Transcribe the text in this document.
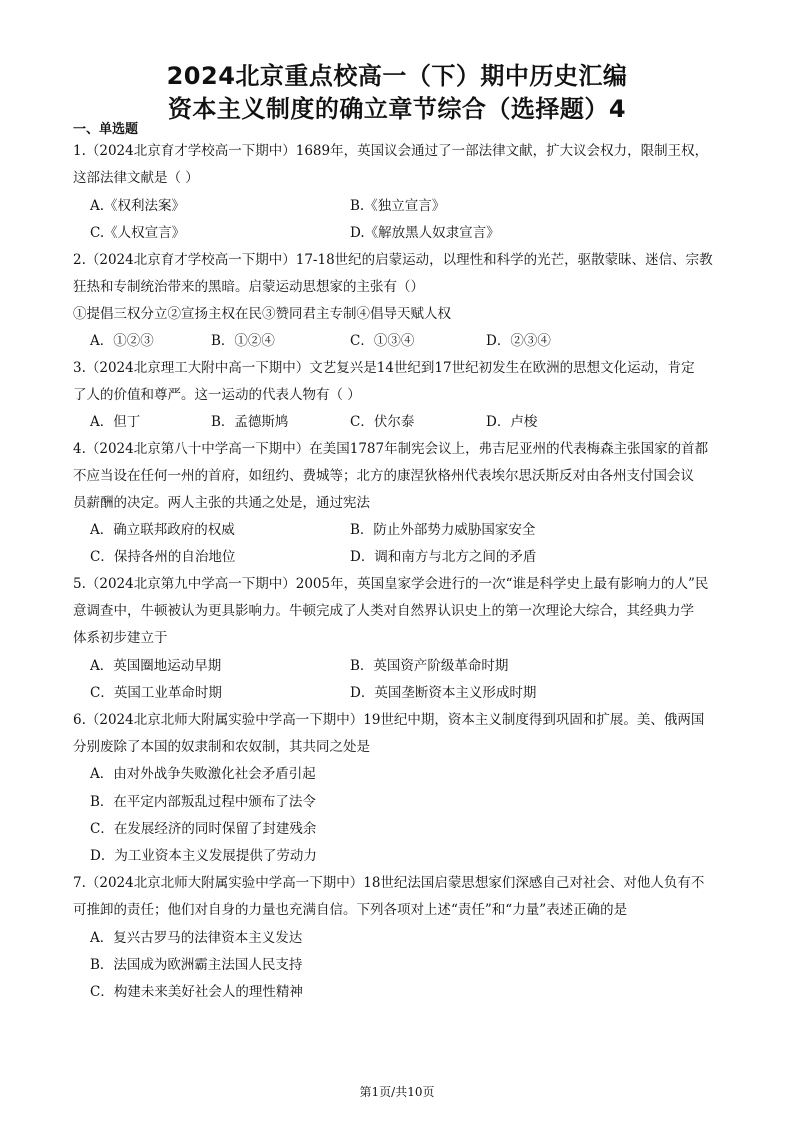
2024北京重点校高一（下）期中历史汇编
资本主义制度的确立章节综合（选择题）4
一、单选题
1.（2024北京育才学校高一下期中）1689年，英国议会通过了一部法律文献，扩大议会权力，限制王权，
这部法律文献是（ ）
A.《权利法案》	B.《独立宣言》
C.《人权宣言》	D.《解放黑人奴隶宣言》
2.（2024北京育才学校高一下期中）17-18世纪的启蒙运动，以理性和科学的光芒，驱散蒙昧、迷信、宗教
狂热和专制统治带来的黑暗。启蒙运动思想家的主张有（）
①提倡三权分立②宣扬主权在民③赞同君主专制④倡导天赋人权
A．①②③	B．①②④	C．①③④	D．②③④
3.（2024北京理工大附中高一下期中）文艺复兴是14世纪到17世纪初发生在欧洲的思想文化运动，肯定
了人的价值和尊严。这一运动的代表人物有（ ）
A．但丁	B．孟德斯鸠	C．伏尔泰	D．卢梭
4.（2024北京第八十中学高一下期中）在美国1787年制宪会议上，弗吉尼亚州的代表梅森主张国家的首都
不应当设在任何一州的首府，如纽约、费城等；北方的康涅狄格州代表埃尔思沃斯反对由各州支付国会议
员薪酬的决定。两人主张的共通之处是，通过宪法
A．确立联邦政府的权威	B．防止外部势力威胁国家安全
C．保持各州的自治地位	D．调和南方与北方之间的矛盾
5.（2024北京第九中学高一下期中）2005年，英国皇家学会进行的一次“谁是科学史上最有影响力的人”民
意调查中，牛顿被认为更具影响力。牛顿完成了人类对自然界认识史上的第一次理论大综合，其经典力学
体系初步建立于
A．英国圈地运动早期	B．英国资产阶级革命时期
C．英国工业革命时期	D．英国垄断资本主义形成时期
6.（2024北京北师大附属实验中学高一下期中）19世纪中期，资本主义制度得到巩固和扩展。美、俄两国
分别废除了本国的奴隶制和农奴制，其共同之处是
A．由对外战争失败激化社会矛盾引起
B．在平定内部叛乱过程中颁布了法令
C．在发展经济的同时保留了封建残余
D．为工业资本主义发展提供了劳动力
7.（2024北京北师大附属实验中学高一下期中）18世纪法国启蒙思想家们深感自己对社会、对他人负有不
可推卸的责任；他们对自身的力量也充满自信。下列各项对上述“责任”和“力量”表述正确的是
A．复兴古罗马的法律资本主义发达
B．法国成为欧洲霸主法国人民支持
C．构建未来美好社会人的理性精神
第1页/共10页
